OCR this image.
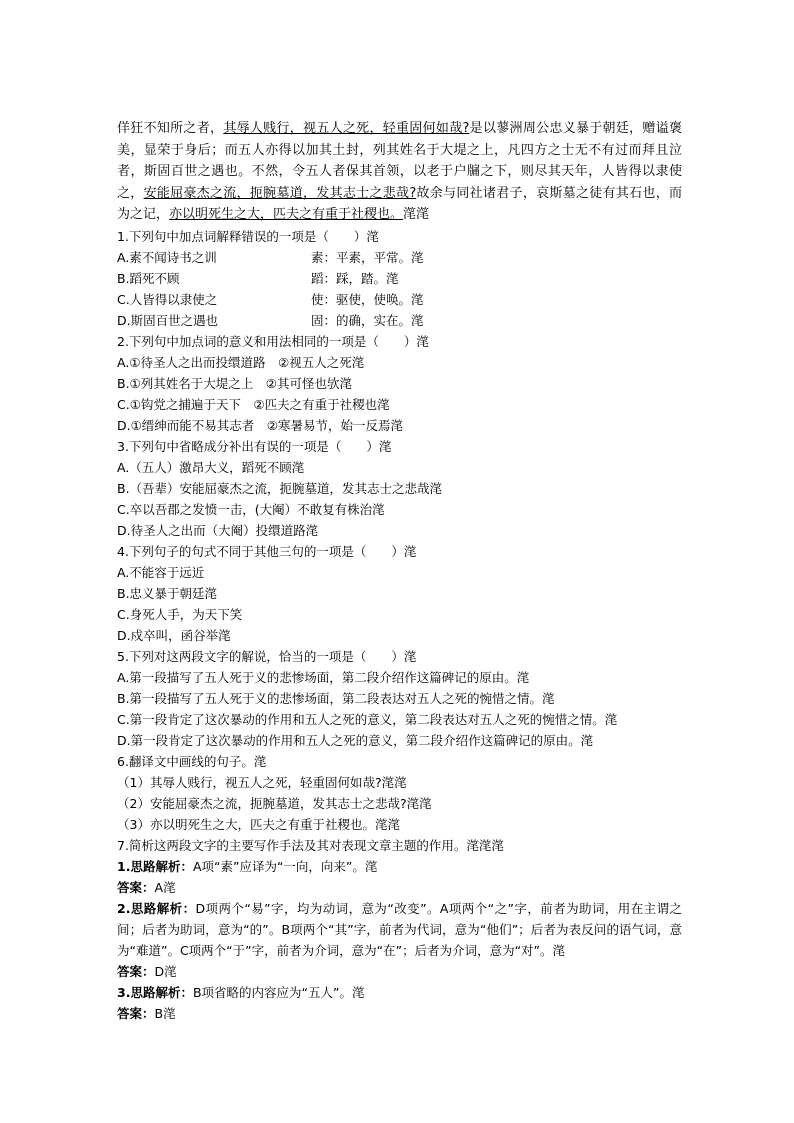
佯狂不知所之者，其辱人贱行，视五人之死，轻重固何如哉?是以蓼洲周公忠义暴于朝廷，赠谥褒美，显荣于身后；而五人亦得以加其土封，列其姓名于大堤之上，凡四方之士无不有过而拜且泣者，斯固百世之遇也。不然，令五人者保其首领，以老于户牖之下，则尽其天年，人皆得以隶使之，安能屈豪杰之流，扼腕墓道，发其志士之悲哉?故余与同社诸君子，哀斯墓之徒有其石也，而为之记，亦以明死生之大，匹夫之有重于社稷也。滗滗

1.下列句中加点词解释错误的一项是（　　）滗

A.素不闻诗书之训	素：平素，平常。滗

B.蹈死不顾	蹈：踩，踏。滗

C.人皆得以隶使之	使：驱使，使唤。滗

D.斯固百世之遇也	固：的确，实在。滗

2.下列句中加点词的意义和用法相同的一项是（　　）滗

A.①待圣人之出而投缳道路　②视五人之死滗

B.①列其姓名于大堤之上　②其可怪也欤滗

C.①钩党之捕遍于天下　②匹夫之有重于社稷也滗

D.①缙绅而能不易其志者　②寒暑易节，始一反焉滗

3.下列句中省略成分补出有误的一项是（　　）滗

A.（五人）激昂大义，蹈死不顾滗

B.（吾辈）安能屈豪杰之流，扼腕墓道，发其志士之悲哉滗

C.卒以吾郡之发愤一击，(大阉）不敢复有株治滗

D.待圣人之出而（大阉）投缳道路滗

4.下列句子的句式不同于其他三句的一项是（　　）滗

A.不能容于远近

B.忠义暴于朝廷滗

C.身死人手，为天下笑

D.戍卒叫，函谷举滗

5.下列对这两段文字的解说，恰当的一项是（　　）滗

A.第一段描写了五人死于义的悲惨场面，第二段介绍作这篇碑记的原由。滗

B.第一段描写了五人死于义的悲惨场面，第二段表达对五人之死的惋惜之情。滗

C.第一段肯定了这次暴动的作用和五人之死的意义，第二段表达对五人之死的惋惜之情。滗

D.第一段肯定了这次暴动的作用和五人之死的意义，第二段介绍作这篇碑记的原由。滗

6.翻译文中画线的句子。滗

（1）其辱人贱行，视五人之死，轻重固何如哉?滗滗

（2）安能屈豪杰之流，扼腕墓道，发其志士之悲哉?滗滗

（3）亦以明死生之大，匹夫之有重于社稷也。滗滗

7.简析这两段文字的主要写作手法及其对表现文章主题的作用。滗滗滗

1.思路解析：A项“素”应译为“一向，向来”。滗

答案：A滗

2.思路解析：D项两个“易”字，均为动词，意为“改变”。A项两个“之”字，前者为助词，用在主谓之间；后者为助词，意为“的”。B项两个“其”字，前者为代词，意为“他们”；后者为表反问的语气词，意为“难道”。C项两个“于”字，前者为介词，意为“在”；后者为介词，意为“对”。滗

答案：D滗

3.思路解析：B项省略的内容应为“五人”。滗

答案：B滗
